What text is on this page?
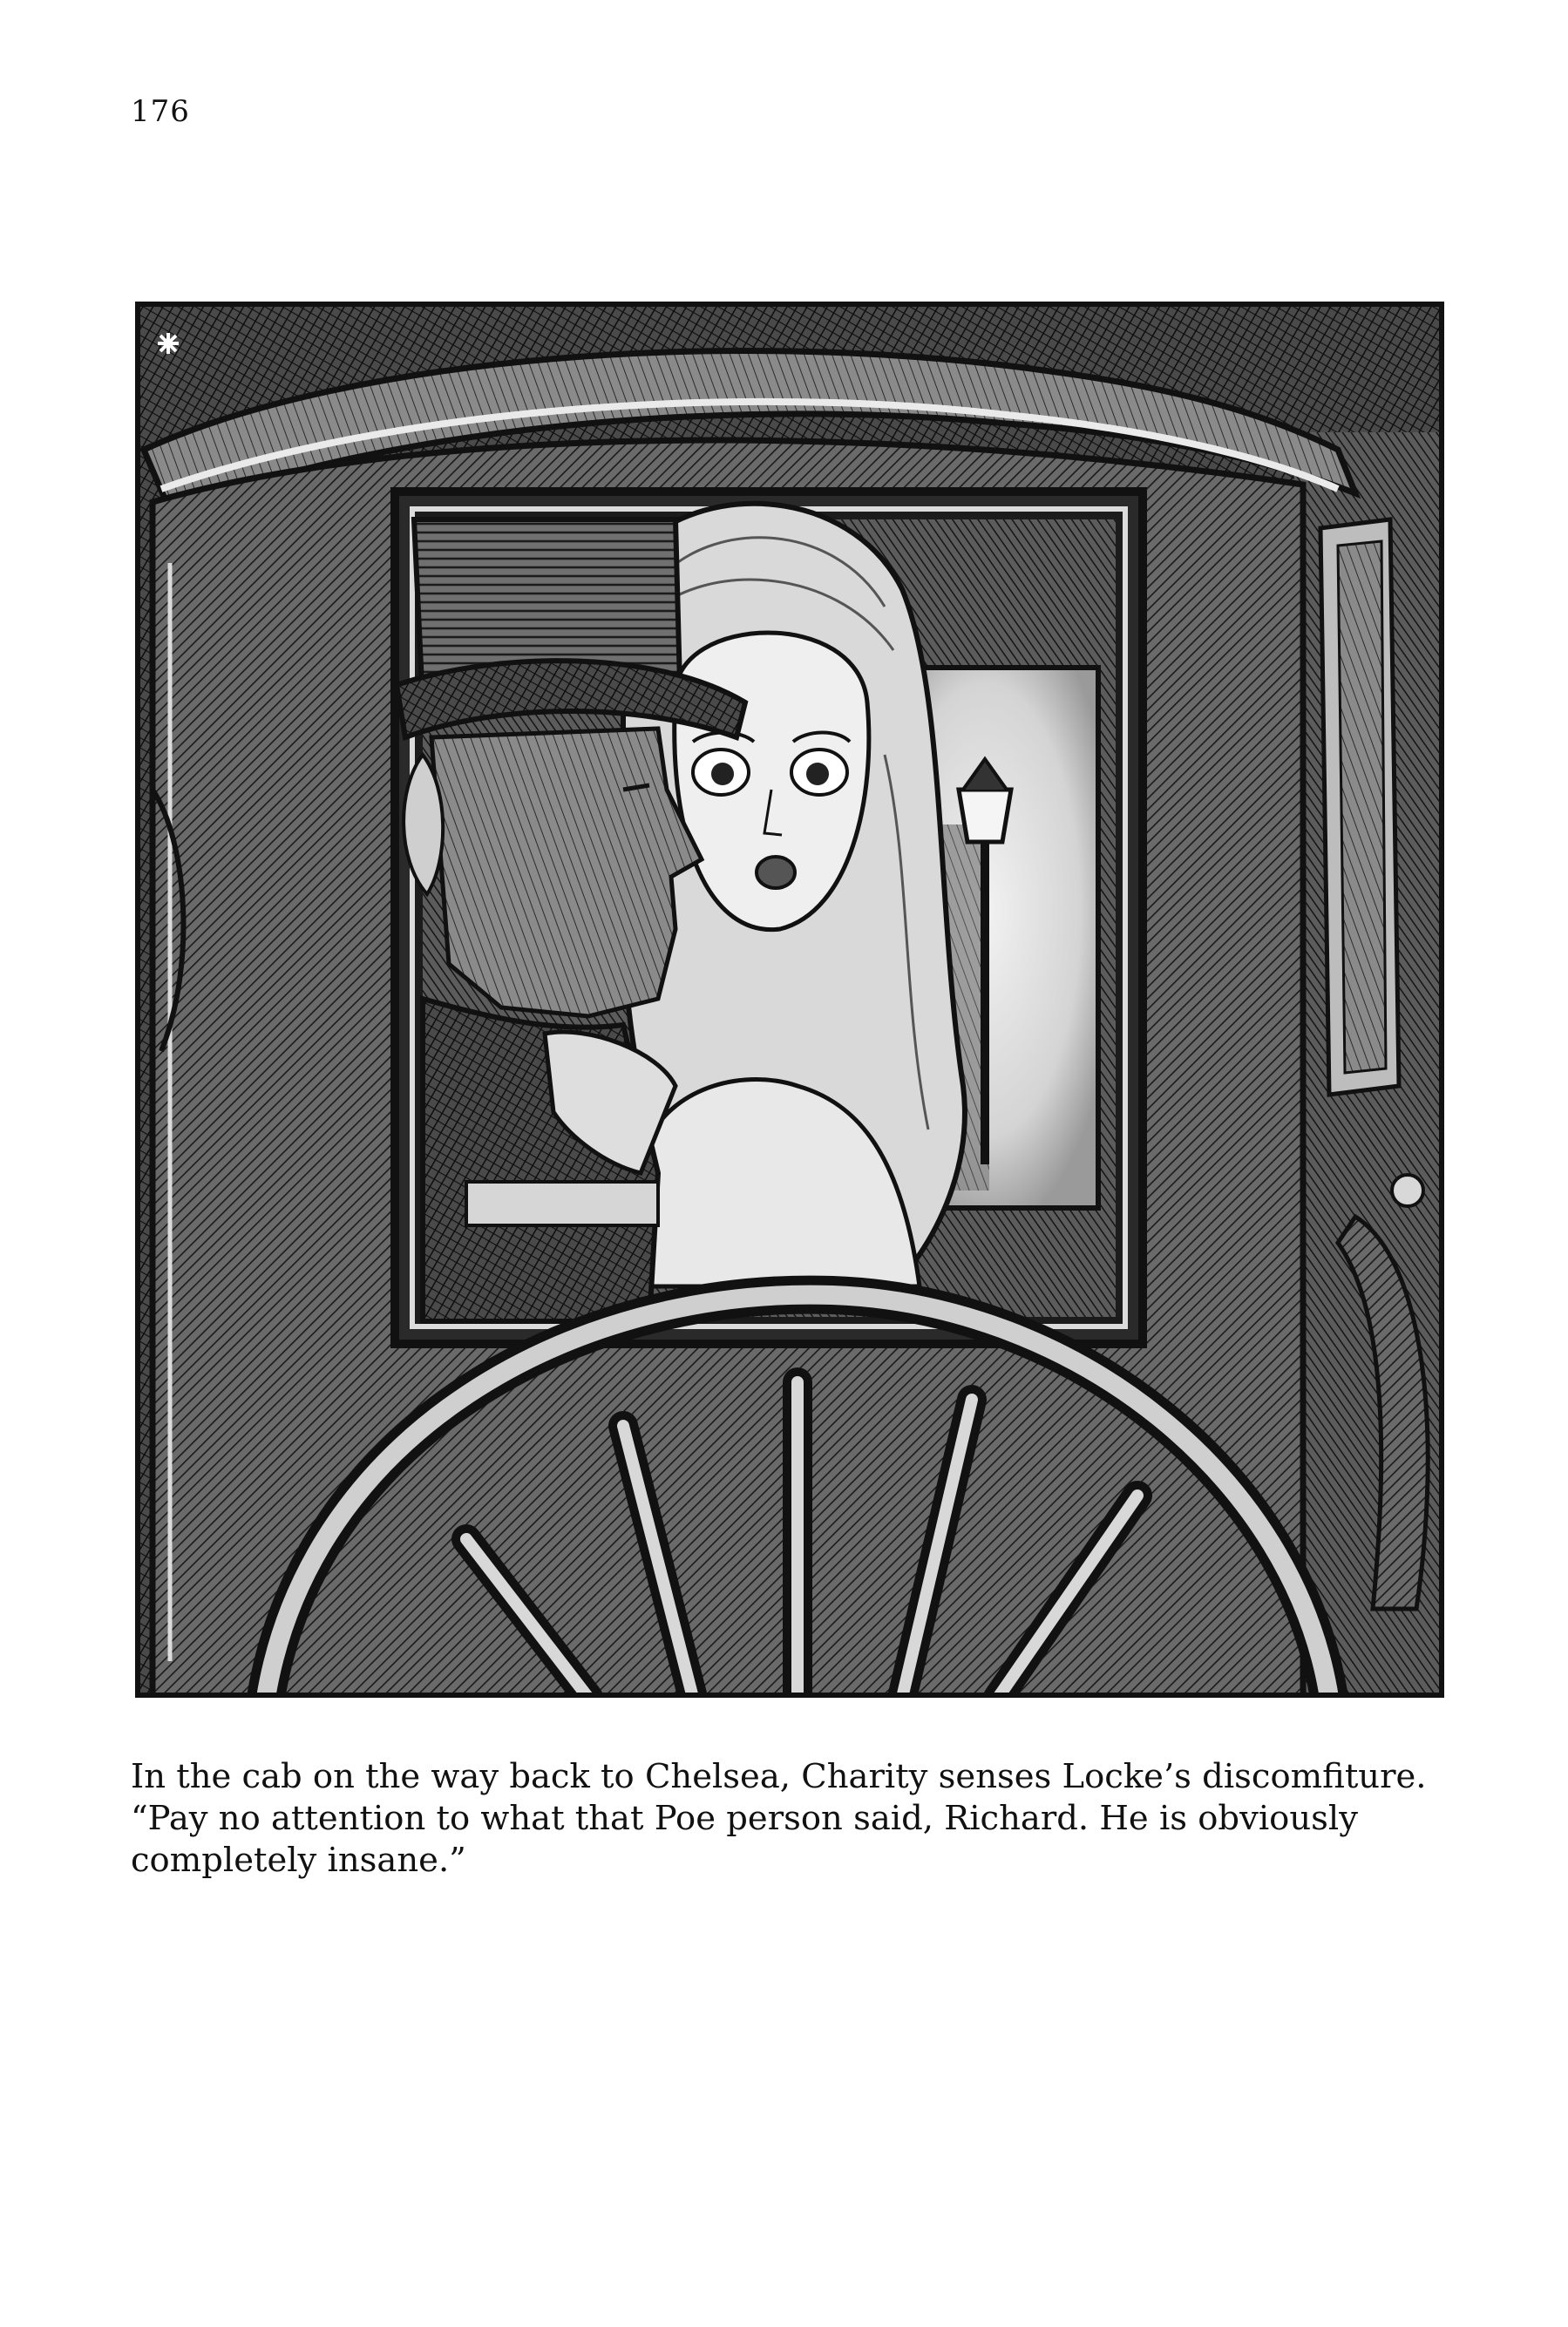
176

In the cab on the way back to Chelsea, Charity senses Locke’s discomfiture.

“Pay no attention to what that Poe person said, Richard. He is obviously

completely insane.”
